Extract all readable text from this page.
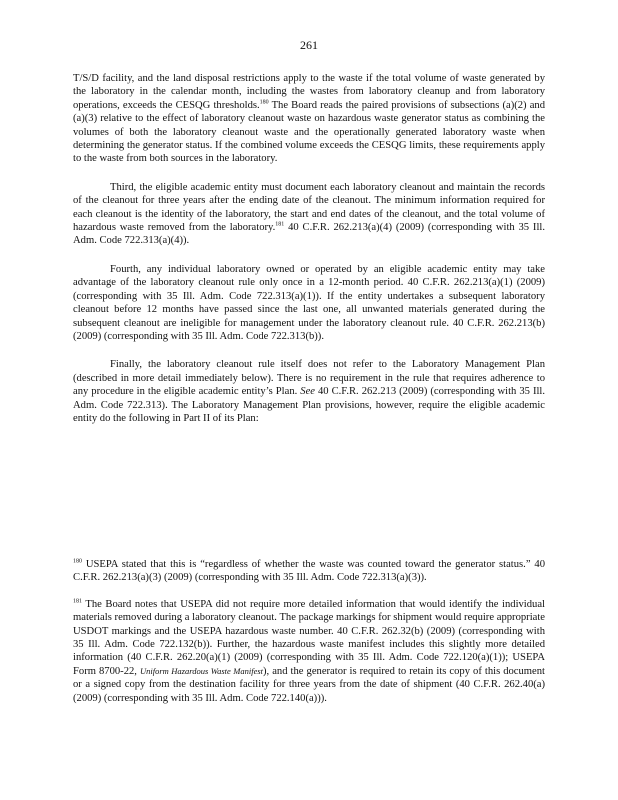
261

T/S/D facility, and the land disposal restrictions apply to the waste if the total volume of waste generated by the laboratory in the calendar month, including the wastes from laboratory cleanup and from laboratory operations, exceeds the CESQG thresholds.$^{180}$ The Board reads the paired provisions of subsections (a)(2) and (a)(3) relative to the effect of laboratory cleanout waste on hazardous waste generator status as combining the volumes of both the laboratory cleanout waste and the operationally generated laboratory waste when determining the generator status. If the combined volume exceeds the CESQG limits, these requirements apply to the waste from both sources in the laboratory.

Third, the eligible academic entity must document each laboratory cleanout and maintain the records of the cleanout for three years after the ending date of the cleanout. The minimum information required for each cleanout is the identity of the laboratory, the start and end dates of the cleanout, and the total volume of hazardous waste removed from the laboratory.$^{181}$ 40 C.F.R. 262.213(a)(4) (2009) (corresponding with 35 Ill. Adm. Code 722.313(a)(4)).

Fourth, any individual laboratory owned or operated by an eligible academic entity may take advantage of the laboratory cleanout rule only once in a 12-month period. 40 C.F.R. 262.213(a)(1) (2009) (corresponding with 35 Ill. Adm. Code 722.313(a)(1)). If the entity undertakes a subsequent laboratory cleanout before 12 months have passed since the last one, all unwanted materials generated during the subsequent cleanout are ineligible for management under the laboratory cleanout rule. 40 C.F.R. 262.213(b) (2009) (corresponding with 35 Ill. Adm. Code 722.313(b)).

Finally, the laboratory cleanout rule itself does not refer to the Laboratory Management Plan (described in more detail immediately below). There is no requirement in the rule that requires adherence to any procedure in the eligible academic entity’s Plan. See 40 C.F.R. 262.213 (2009) (corresponding with 35 Ill. Adm. Code 722.313). The Laboratory Management Plan provisions, however, require the eligible academic entity do the following in Part II of its Plan:

$^{180}$ USEPA stated that this is “regardless of whether the waste was counted toward the generator status.” 40 C.F.R. 262.213(a)(3) (2009) (corresponding with 35 Ill. Adm. Code 722.313(a)(3)).

$^{181}$ The Board notes that USEPA did not require more detailed information that would identify the individual materials removed during a laboratory cleanout. The package markings for shipment would require appropriate USDOT markings and the USEPA hazardous waste number. 40 C.F.R. 262.32(b) (2009) (corresponding with 35 Ill. Adm. Code 722.132(b)). Further, the hazardous waste manifest includes this slightly more detailed information (40 C.F.R. 262.20(a)(1) (2009) (corresponding with 35 Ill. Adm. Code 722.120(a)(1)); USEPA Form 8700-22, Uniform Hazardous Waste Manifest), and the generator is required to retain its copy of this document or a signed copy from the destination facility for three years from the date of shipment (40 C.F.R. 262.40(a) (2009) (corresponding with 35 Ill. Adm. Code 722.140(a))).
